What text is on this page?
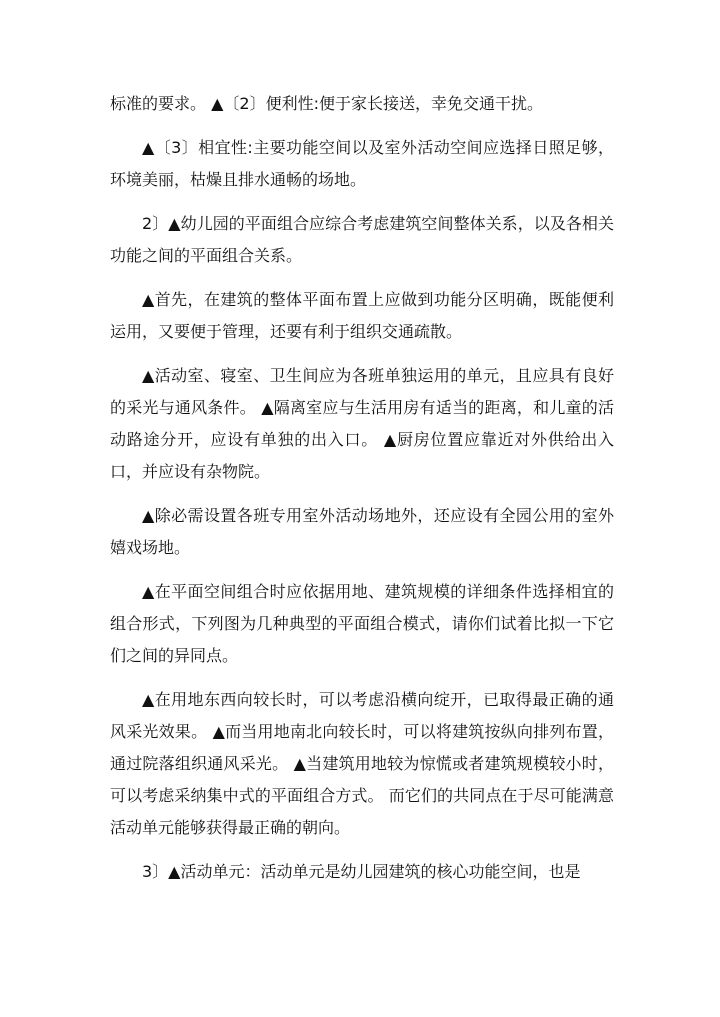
标准的要求。 ▲〔2〕便利性:便于家长接送，幸免交通干扰。

▲〔3〕相宜性:主要功能空间以及室外活动空间应选择日照足够，环境美丽，枯燥且排水通畅的场地。

2〕▲幼儿园的平面组合应综合考虑建筑空间整体关系，以及各相关功能之间的平面组合关系。

▲首先，在建筑的整体平面布置上应做到功能分区明确，既能便利运用，又要便于管理，还要有利于组织交通疏散。

▲活动室、寝室、卫生间应为各班单独运用的单元，且应具有良好的采光与通风条件。 ▲隔离室应与生活用房有适当的距离，和儿童的活动路途分开，应设有单独的出入口。 ▲厨房位置应靠近对外供给出入口，并应设有杂物院。

▲除必需设置各班专用室外活动场地外，还应设有全园公用的室外嬉戏场地。

▲在平面空间组合时应依据用地、建筑规模的详细条件选择相宜的组合形式，下列图为几种典型的平面组合模式，请你们试着比拟一下它们之间的异同点。

▲在用地东西向较长时，可以考虑沿横向绽开，已取得最正确的通风采光效果。 ▲而当用地南北向较长时，可以将建筑按纵向排列布置，通过院落组织通风采光。 ▲当建筑用地较为惊慌或者建筑规模较小时，可以考虑采纳集中式的平面组合方式。 而它们的共同点在于尽可能满意活动单元能够获得最正确的朝向。

3〕▲活动单元：活动单元是幼儿园建筑的核心功能空间，也是
